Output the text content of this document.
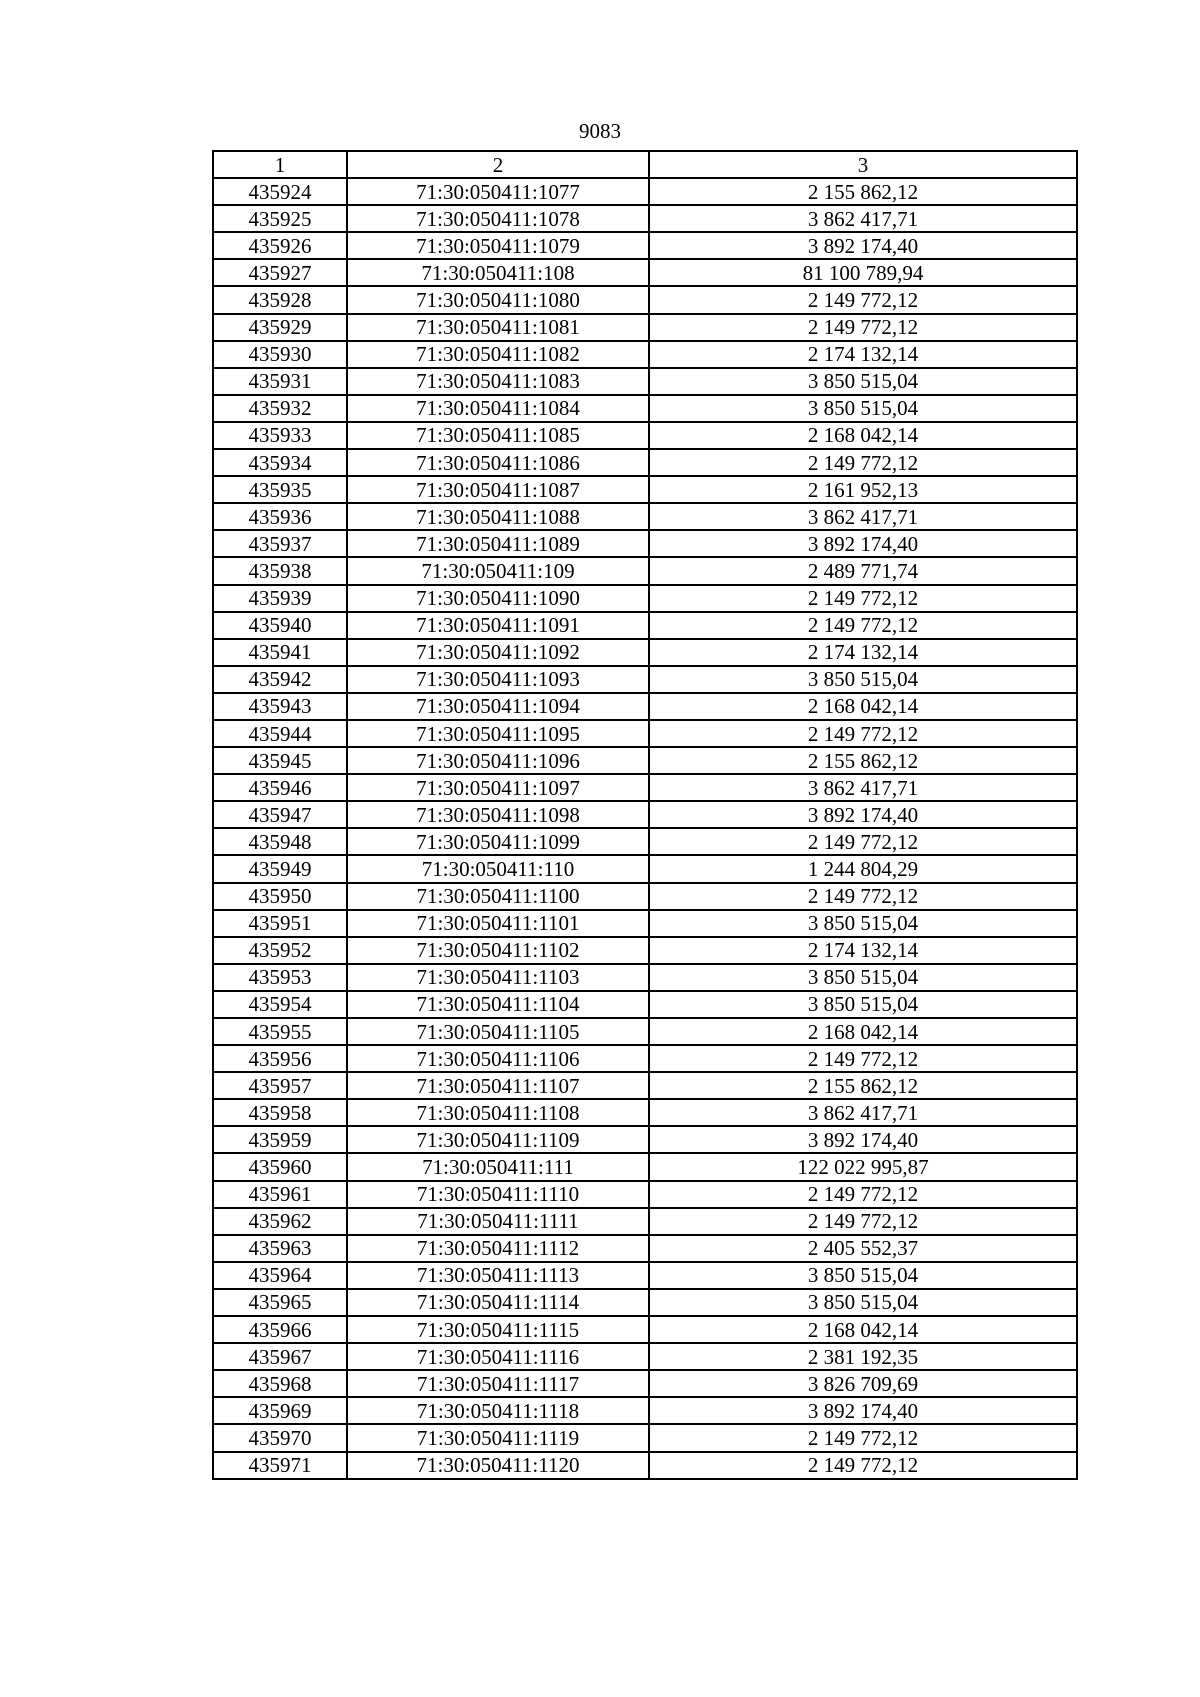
9083
1	2	3
435924	71:30:050411:1077	2 155 862,12
435925	71:30:050411:1078	3 862 417,71
435926	71:30:050411:1079	3 892 174,40
435927	71:30:050411:108	81 100 789,94
435928	71:30:050411:1080	2 149 772,12
435929	71:30:050411:1081	2 149 772,12
435930	71:30:050411:1082	2 174 132,14
435931	71:30:050411:1083	3 850 515,04
435932	71:30:050411:1084	3 850 515,04
435933	71:30:050411:1085	2 168 042,14
435934	71:30:050411:1086	2 149 772,12
435935	71:30:050411:1087	2 161 952,13
435936	71:30:050411:1088	3 862 417,71
435937	71:30:050411:1089	3 892 174,40
435938	71:30:050411:109	2 489 771,74
435939	71:30:050411:1090	2 149 772,12
435940	71:30:050411:1091	2 149 772,12
435941	71:30:050411:1092	2 174 132,14
435942	71:30:050411:1093	3 850 515,04
435943	71:30:050411:1094	2 168 042,14
435944	71:30:050411:1095	2 149 772,12
435945	71:30:050411:1096	2 155 862,12
435946	71:30:050411:1097	3 862 417,71
435947	71:30:050411:1098	3 892 174,40
435948	71:30:050411:1099	2 149 772,12
435949	71:30:050411:110	1 244 804,29
435950	71:30:050411:1100	2 149 772,12
435951	71:30:050411:1101	3 850 515,04
435952	71:30:050411:1102	2 174 132,14
435953	71:30:050411:1103	3 850 515,04
435954	71:30:050411:1104	3 850 515,04
435955	71:30:050411:1105	2 168 042,14
435956	71:30:050411:1106	2 149 772,12
435957	71:30:050411:1107	2 155 862,12
435958	71:30:050411:1108	3 862 417,71
435959	71:30:050411:1109	3 892 174,40
435960	71:30:050411:111	122 022 995,87
435961	71:30:050411:1110	2 149 772,12
435962	71:30:050411:1111	2 149 772,12
435963	71:30:050411:1112	2 405 552,37
435964	71:30:050411:1113	3 850 515,04
435965	71:30:050411:1114	3 850 515,04
435966	71:30:050411:1115	2 168 042,14
435967	71:30:050411:1116	2 381 192,35
435968	71:30:050411:1117	3 826 709,69
435969	71:30:050411:1118	3 892 174,40
435970	71:30:050411:1119	2 149 772,12
435971	71:30:050411:1120	2 149 772,12
